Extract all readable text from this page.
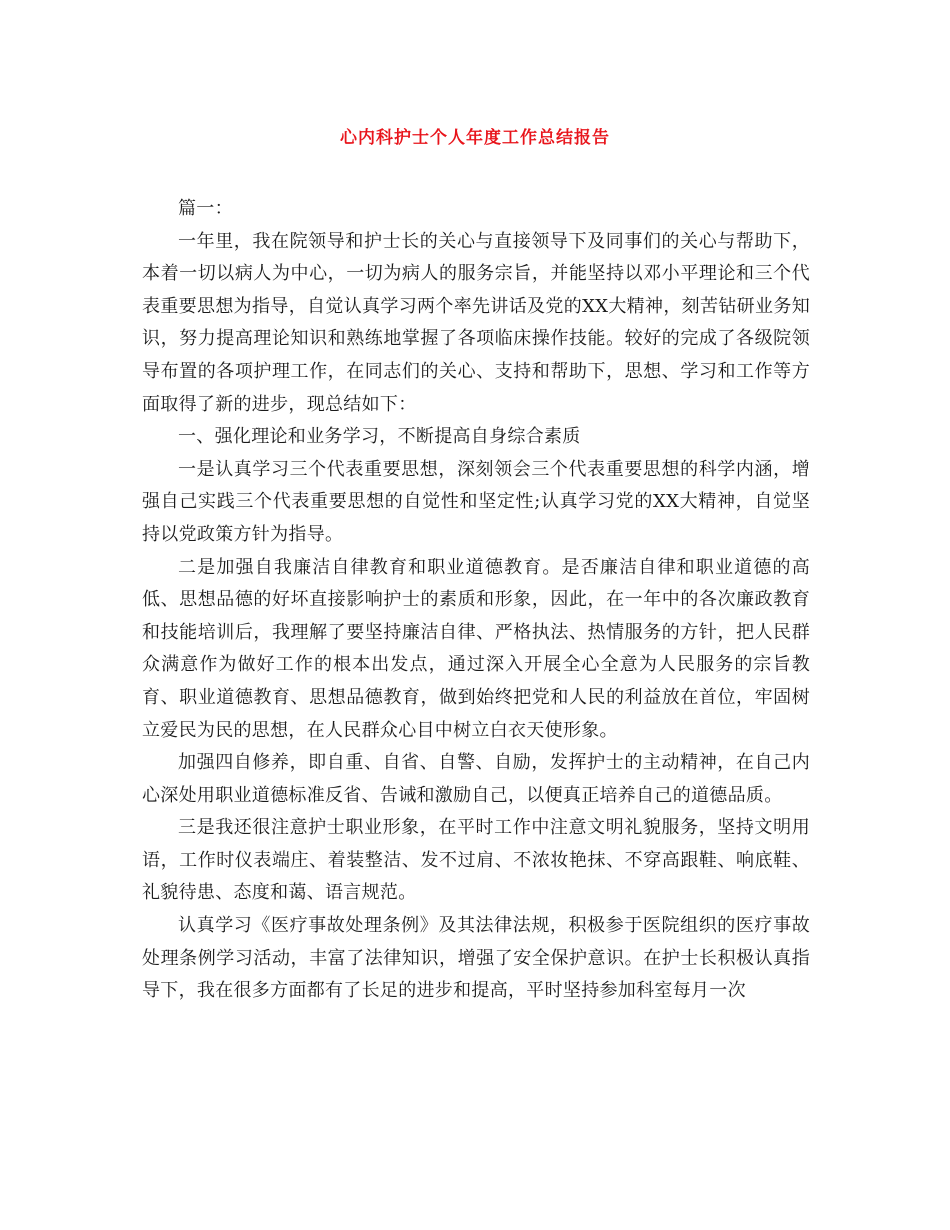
心内科护士个人年度工作总结报告

篇一：

一年里，我在院领导和护士长的关心与直接领导下及同事们的关心与帮助下，本着一切以病人为中心，一切为病人的服务宗旨，并能坚持以邓小平理论和三个代表重要思想为指导，自觉认真学习两个率先讲话及党的XX大精神，刻苦钻研业务知识，努力提高理论知识和熟练地掌握了各项临床操作技能。较好的完成了各级院领导布置的各项护理工作，在同志们的关心、支持和帮助下，思想、学习和工作等方面取得了新的进步，现总结如下：

一、强化理论和业务学习，不断提高自身综合素质

一是认真学习三个代表重要思想，深刻领会三个代表重要思想的科学内涵，增强自己实践三个代表重要思想的自觉性和坚定性;认真学习党的XX大精神，自觉坚持以党政策方针为指导。

二是加强自我廉洁自律教育和职业道德教育。是否廉洁自律和职业道德的高低、思想品德的好坏直接影响护士的素质和形象，因此，在一年中的各次廉政教育和技能培训后，我理解了要坚持廉洁自律、严格执法、热情服务的方针，把人民群众满意作为做好工作的根本出发点，通过深入开展全心全意为人民服务的宗旨教育、职业道德教育、思想品德教育，做到始终把党和人民的利益放在首位，牢固树立爱民为民的思想，在人民群众心目中树立白衣天使形象。

加强四自修养，即自重、自省、自警、自励，发挥护士的主动精神，在自己内心深处用职业道德标准反省、告诫和激励自己，以便真正培养自己的道德品质。

三是我还很注意护士职业形象，在平时工作中注意文明礼貌服务，坚持文明用语，工作时仪表端庄、着装整洁、发不过肩、不浓妆艳抹、不穿高跟鞋、响底鞋、礼貌待患、态度和蔼、语言规范。

认真学习《医疗事故处理条例》及其法律法规，积极参于医院组织的医疗事故处理条例学习活动，丰富了法律知识，增强了安全保护意识。在护士长积极认真指导下，我在很多方面都有了长足的进步和提高，平时坚持参加科室每月一次
